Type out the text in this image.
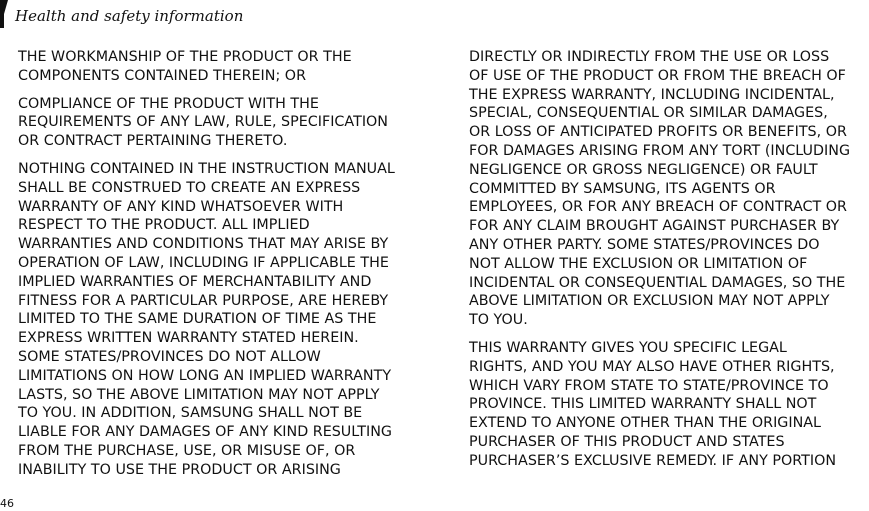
Health and safety information

THE WORKMANSHIP OF THE PRODUCT OR THE
COMPONENTS CONTAINED THEREIN; OR

COMPLIANCE OF THE PRODUCT WITH THE
REQUIREMENTS OF ANY LAW, RULE, SPECIFICATION
OR CONTRACT PERTAINING THERETO.

NOTHING CONTAINED IN THE INSTRUCTION MANUAL
SHALL BE CONSTRUED TO CREATE AN EXPRESS
WARRANTY OF ANY KIND WHATSOEVER WITH
RESPECT TO THE PRODUCT. ALL IMPLIED
WARRANTIES AND CONDITIONS THAT MAY ARISE BY
OPERATION OF LAW, INCLUDING IF APPLICABLE THE
IMPLIED WARRANTIES OF MERCHANTABILITY AND
FITNESS FOR A PARTICULAR PURPOSE, ARE HEREBY
LIMITED TO THE SAME DURATION OF TIME AS THE
EXPRESS WRITTEN WARRANTY STATED HEREIN.
SOME STATES/PROVINCES DO NOT ALLOW
LIMITATIONS ON HOW LONG AN IMPLIED WARRANTY
LASTS, SO THE ABOVE LIMITATION MAY NOT APPLY
TO YOU. IN ADDITION, SAMSUNG SHALL NOT BE
LIABLE FOR ANY DAMAGES OF ANY KIND RESULTING
FROM THE PURCHASE, USE, OR MISUSE OF, OR
INABILITY TO USE THE PRODUCT OR ARISING

DIRECTLY OR INDIRECTLY FROM THE USE OR LOSS
OF USE OF THE PRODUCT OR FROM THE BREACH OF
THE EXPRESS WARRANTY, INCLUDING INCIDENTAL,
SPECIAL, CONSEQUENTIAL OR SIMILAR DAMAGES,
OR LOSS OF ANTICIPATED PROFITS OR BENEFITS, OR
FOR DAMAGES ARISING FROM ANY TORT (INCLUDING
NEGLIGENCE OR GROSS NEGLIGENCE) OR FAULT
COMMITTED BY SAMSUNG, ITS AGENTS OR
EMPLOYEES, OR FOR ANY BREACH OF CONTRACT OR
FOR ANY CLAIM BROUGHT AGAINST PURCHASER BY
ANY OTHER PARTY. SOME STATES/PROVINCES DO
NOT ALLOW THE EXCLUSION OR LIMITATION OF
INCIDENTAL OR CONSEQUENTIAL DAMAGES, SO THE
ABOVE LIMITATION OR EXCLUSION MAY NOT APPLY
TO YOU.

THIS WARRANTY GIVES YOU SPECIFIC LEGAL
RIGHTS, AND YOU MAY ALSO HAVE OTHER RIGHTS,
WHICH VARY FROM STATE TO STATE/PROVINCE TO
PROVINCE. THIS LIMITED WARRANTY SHALL NOT
EXTEND TO ANYONE OTHER THAN THE ORIGINAL
PURCHASER OF THIS PRODUCT AND STATES
PURCHASER’S EXCLUSIVE REMEDY. IF ANY PORTION

46
